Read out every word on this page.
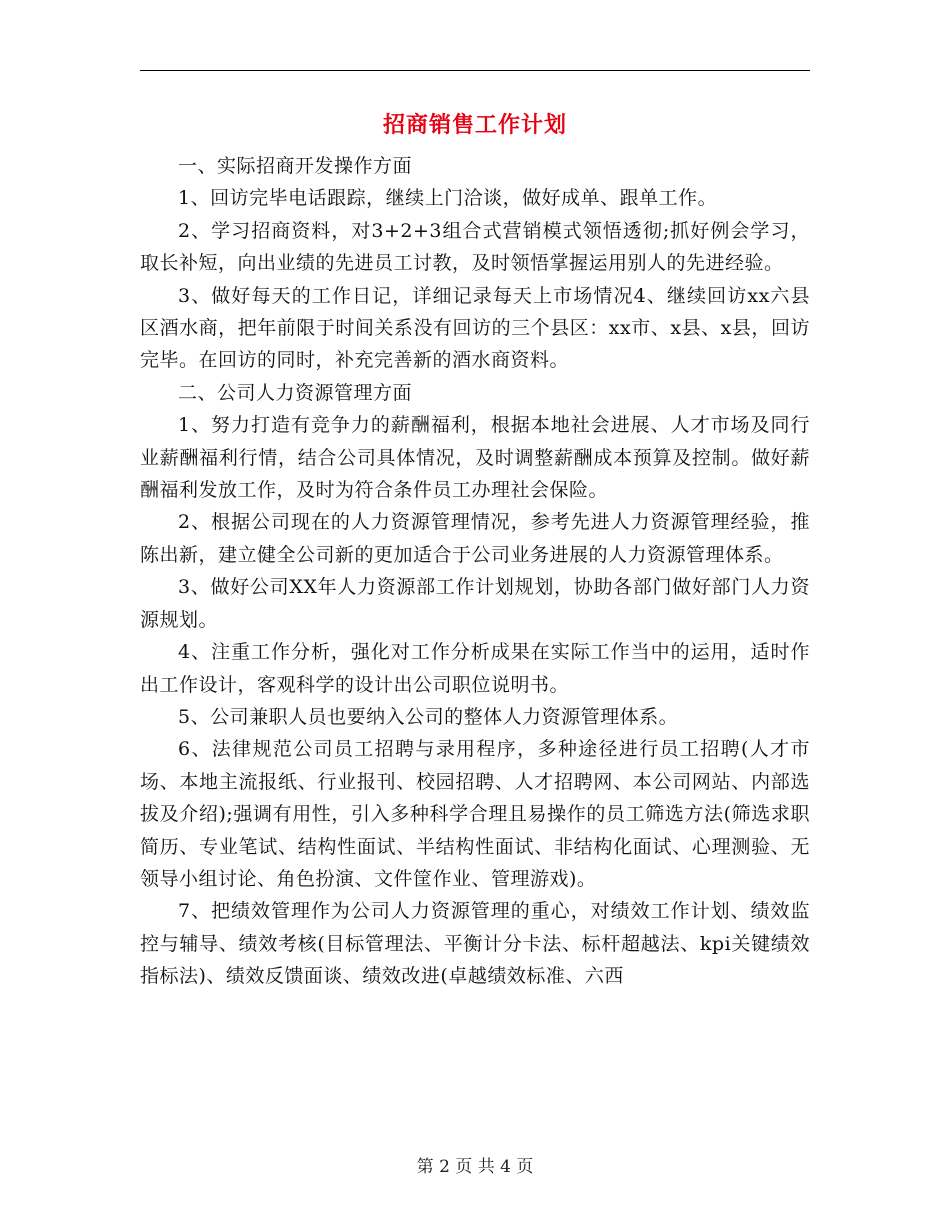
招商销售工作计划

一、实际招商开发操作方面

1、回访完毕电话跟踪，继续上门洽谈，做好成单、跟单工作。

2、学习招商资料，对3+2+3组合式营销模式领悟透彻;抓好例会学习，取长补短，向出业绩的先进员工讨教，及时领悟掌握运用别人的先进经验。

3、做好每天的工作日记，详细记录每天上市场情况4、继续回访xx六县区酒水商，把年前限于时间关系没有回访的三个县区：xx市、x县、x县，回访完毕。在回访的同时，补充完善新的酒水商资料。

二、公司人力资源管理方面

1、努力打造有竞争力的薪酬福利，根据本地社会进展、人才市场及同行业薪酬福利行情，结合公司具体情况，及时调整薪酬成本预算及控制。做好薪酬福利发放工作，及时为符合条件员工办理社会保险。

2、根据公司现在的人力资源管理情况，参考先进人力资源管理经验，推陈出新，建立健全公司新的更加适合于公司业务进展的人力资源管理体系。

3、做好公司XX年人力资源部工作计划规划，协助各部门做好部门人力资源规划。

4、注重工作分析，强化对工作分析成果在实际工作当中的运用，适时作出工作设计，客观科学的设计出公司职位说明书。

5、公司兼职人员也要纳入公司的整体人力资源管理体系。

6、法律规范公司员工招聘与录用程序，多种途径进行员工招聘(人才市场、本地主流报纸、行业报刊、校园招聘、人才招聘网、本公司网站、内部选拔及介绍);强调有用性，引入多种科学合理且易操作的员工筛选方法(筛选求职简历、专业笔试、结构性面试、半结构性面试、非结构化面试、心理测验、无领导小组讨论、角色扮演、文件筐作业、管理游戏)。

7、把绩效管理作为公司人力资源管理的重心，对绩效工作计划、绩效监控与辅导、绩效考核(目标管理法、平衡计分卡法、标杆超越法、kpi关键绩效指标法)、绩效反馈面谈、绩效改进(卓越绩效标准、六西

第 2 页 共 4 页
